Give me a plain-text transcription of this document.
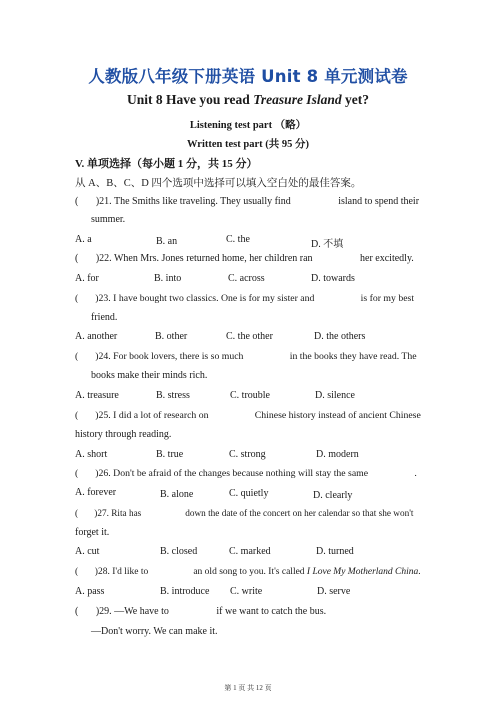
人教版八年级下册英语 Unit 8 单元测试卷
Unit 8 Have you read Treasure Island yet?
Listening test part （略）
Written test part (共 95 分)
V. 单项选择（每小题 1 分，共 15 分）
从 A、B、C、D 四个选项中选择可以填入空白处的最佳答案。
(       )21. The Smiths like traveling. They usually find                   island to spend their
summer.
A. a	B. an	C. the	D. 不填
(       )22. When Mrs. Jones returned home, her children ran                   her excitedly.
A. for	B. into	C. across	D. towards
(       )23. I have bought two classics. One is for my sister and                   is for my best
friend.
A. another	B. other	C. the other	D. the others
(       )24. For book lovers, there is so much                   in the books they have read. The
books make their minds rich.
A. treasure	B. stress	C. trouble	D. silence
(       )25. I did a lot of research on                   Chinese history instead of ancient Chinese
history through reading.
A. short	B. true	C. strong	D. modern
(       )26. Don't be afraid of the changes because nothing will stay the same                   .
A. forever	B. alone	C. quietly	D. clearly
(       )27. Rita has                   down the date of the concert on her calendar so that she won't
forget it.
A. cut	B. closed	C. marked	D. turned
(       )28. I'd like to                   an old song to you. It's called I Love My Motherland China.
A. pass	B. introduce C. write	D. serve
(       )29. —We have to                   if we want to catch the bus.
—Don't worry. We can make it.
第 1 页 共 12 页
